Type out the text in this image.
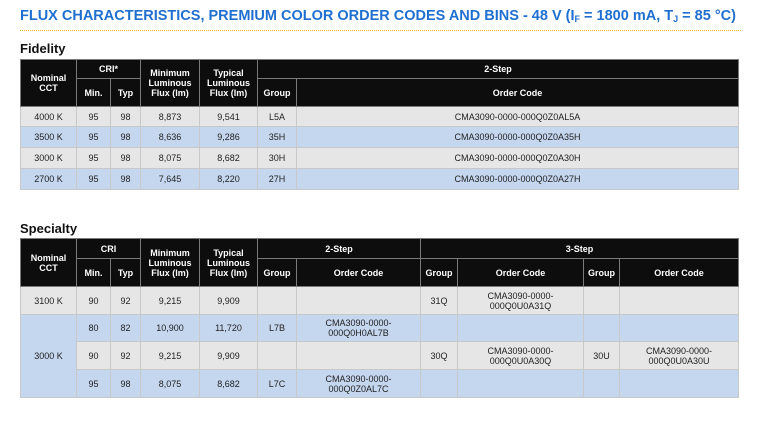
FLUX CHARACTERISTICS, PREMIUM COLOR ORDER CODES AND BINS - 48 V ($I_F = 1800$ mA, $T_J = 85$ °C)
Fidelity
Nominal CCT	CRI*		Minimum Luminous Flux (lm)	Typical Luminous Flux (lm)	2-Step	
	Min.	Typ			Group	Order Code
4000 K	95	98	8,873	9,541	L5A	CMA3090-0000-000Q0Z0AL5A
3500 K	95	98	8,636	9,286	35H	CMA3090-0000-000Q0Z0A35H
3000 K	95	98	8,075	8,682	30H	CMA3090-0000-000Q0Z0A30H
2700 K	95	98	7,645	8,220	27H	CMA3090-0000-000Q0Z0A27H
Specialty
Nominal CCT	CRI		Minimum Luminous Flux (lm)	Typical Luminous Flux (lm)	2-Step		3-Step			
	Min.	Typ			Group	Order Code	Group	Order Code	Group	Order Code
3100 K	90	92	9,215	9,909			31Q	CMA3090-0000-000Q0U0A31Q		
3000 K	80	82	10,900	11,720	L7B	CMA3090-0000-000Q0H0AL7B				
	90	92	9,215	9,909			30Q	CMA3090-0000-000Q0U0A30Q	30U	CMA3090-0000-000Q0U0A30U
	95	98	8,075	8,682	L7C	CMA3090-0000-000Q0Z0AL7C				
